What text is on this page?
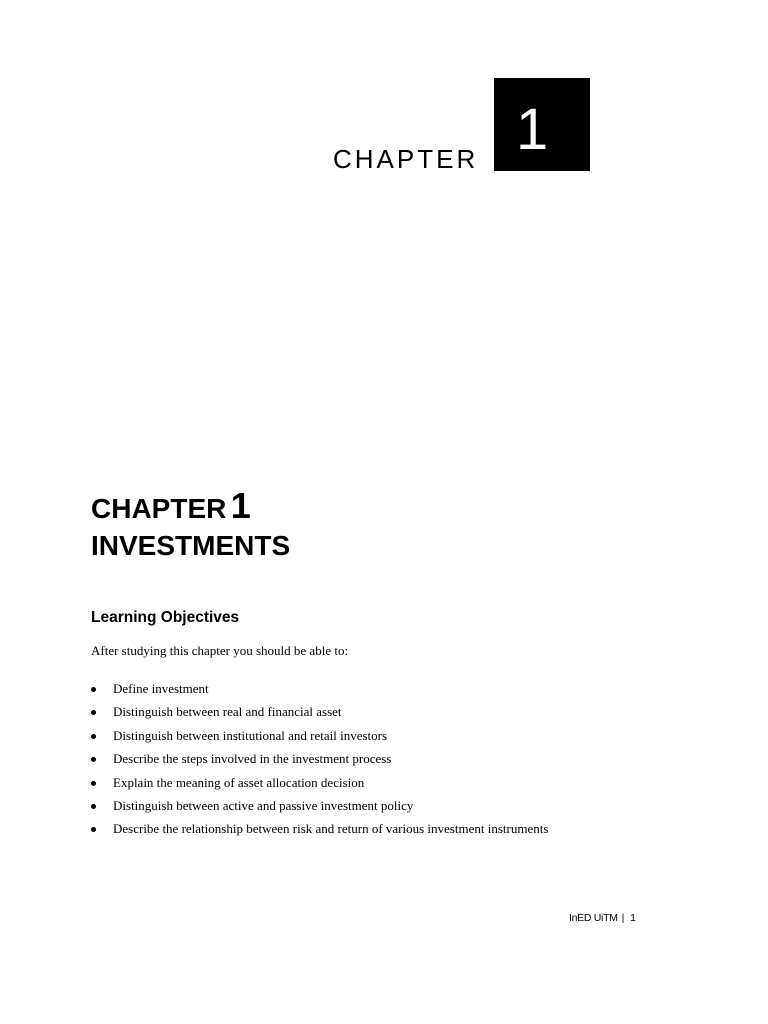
CHAPTER 1
CHAPTER 1
INVESTMENTS
Learning Objectives
After studying this chapter you should be able to:
Define investment
Distinguish between real and financial asset
Distinguish between institutional and retail investors
Describe the steps involved in the investment process
Explain the meaning of asset allocation decision
Distinguish between active and passive investment policy
Describe the relationship between risk and return of various investment instruments
InED UiTM | 1
